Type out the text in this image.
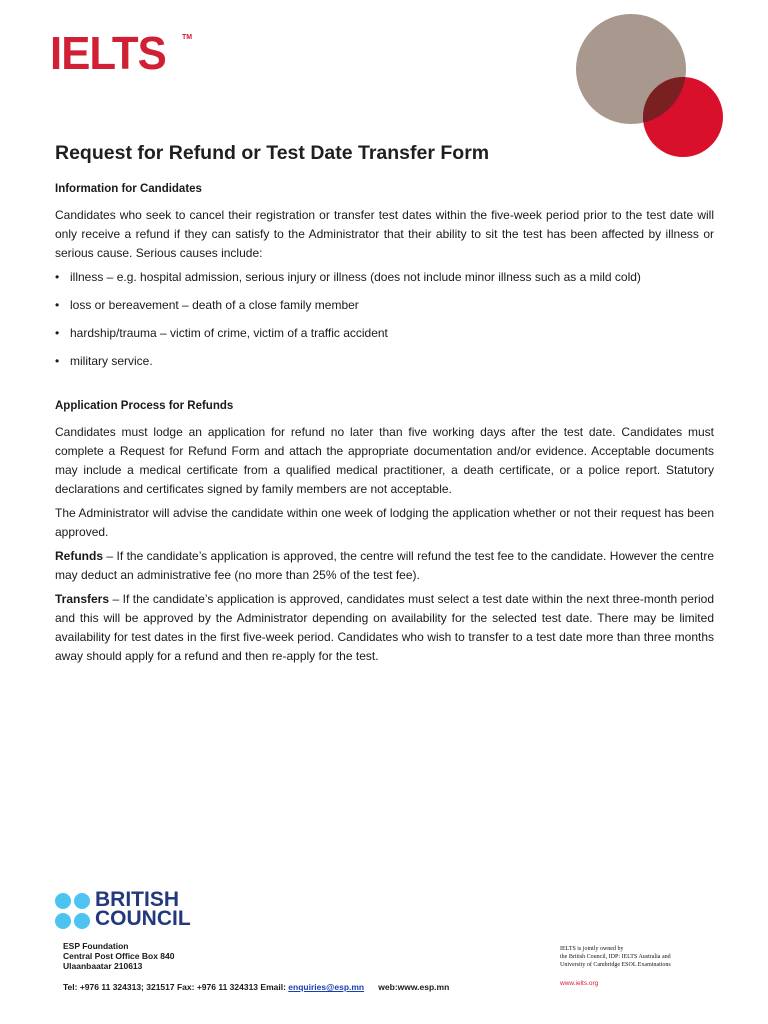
IELTS TM
Request for Refund or Test Date Transfer Form
Information for Candidates

Candidates who seek to cancel their registration or transfer test dates within the five-week period prior to the test date will only receive a refund if they can satisfy to the Administrator that their ability to sit the test has been affected by illness or serious cause. Serious causes include:

• illness – e.g. hospital admission, serious injury or illness (does not include minor illness such as a mild cold)
• loss or bereavement – death of a close family member
• hardship/trauma – victim of crime, victim of a traffic accident
• military service.
Application Process for Refunds

Candidates must lodge an application for refund no later than five working days after the test date. Candidates must complete a Request for Refund Form and attach the appropriate documentation and/or evidence. Acceptable documents may include a medical certificate from a qualified medical practitioner, a death certificate, or a police report. Statutory declarations and certificates signed by family members are not acceptable.

The Administrator will advise the candidate within one week of lodging the application whether or not their request has been approved.

Refunds – If the candidate’s application is approved, the centre will refund the test fee to the candidate. However the centre may deduct an administrative fee (no more than 25% of the test fee).

Transfers – If the candidate’s application is approved, candidates must select a test date within the next three-month period and this will be approved by the Administrator depending on availability for the selected test date. There may be limited availability for test dates in the first five-week period. Candidates who wish to transfer to a test date more than three months away should apply for a refund and then re-apply for the test.

BRITISH
COUNCIL
ESP Foundation
Central Post Office Box 840
Ulaanbaatar 210613
Tel: +976 11 324313; 321517 Fax: +976 11 324313 Email: enquiries@esp.mn web:www.esp.mn
IELTS is jointly owned by
the British Council, IDP: IELTS Australia and
University of Cambridge ESOL Examinations
www.ielts.org
